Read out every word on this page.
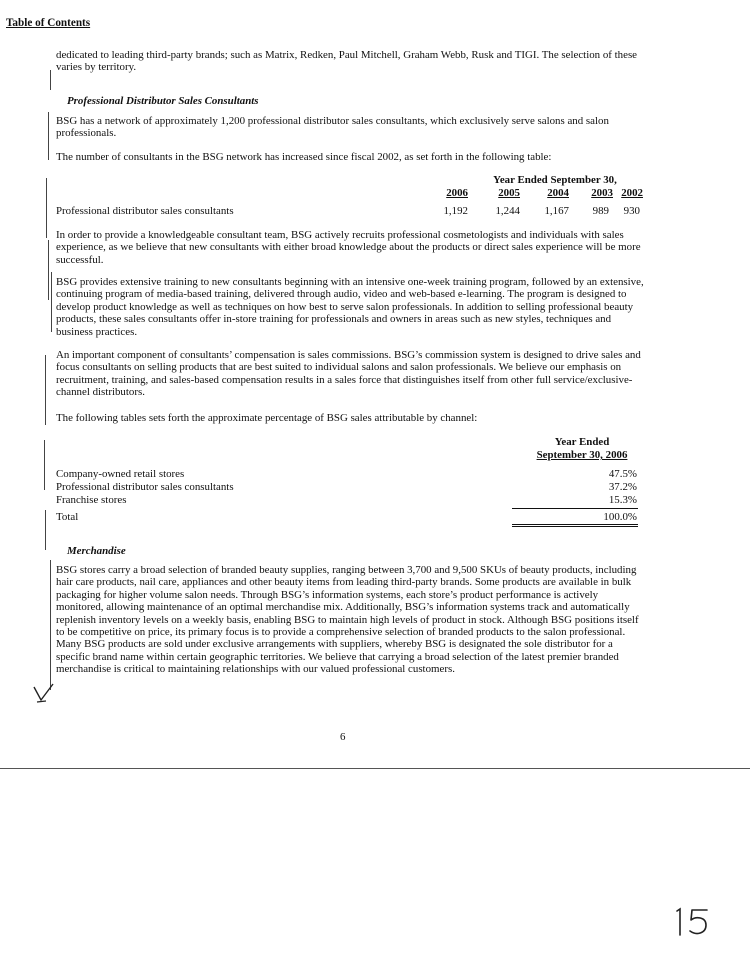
Table of Contents

dedicated to leading third-party brands; such as Matrix, Redken, Paul Mitchell, Graham Webb, Rusk and TIGI. The selection of these varies by territory.

Professional Distributor Sales Consultants

BSG has a network of approximately 1,200 professional distributor sales consultants, which exclusively serve salons and salon professionals.

The number of consultants in the BSG network has increased since fiscal 2002, as set forth in the following table:

Year Ended September 30,
2006	2005	2004	2003 2002
Professional distributor sales consultants	1,192	1,244	1,167	989	930

In order to provide a knowledgeable consultant team, BSG actively recruits professional cosmetologists and individuals with sales experience, as we believe that new consultants with either broad knowledge about the products or direct sales experience will be more successful.

BSG provides extensive training to new consultants beginning with an intensive one-week training program, followed by an extensive, continuing program of media-based training, delivered through audio, video and web-based e-learning. The program is designed to develop product knowledge as well as techniques on how best to serve salon professionals. In addition to selling professional beauty products, these sales consultants offer in-store training for professionals and owners in areas such as new styles, techniques and business practices.

An important component of consultants’ compensation is sales commissions. BSG’s commission system is designed to drive sales and focus consultants on selling products that are best suited to individual salons and salon professionals. We believe our emphasis on recruitment, training, and sales-based compensation results in a sales force that distinguishes itself from other full service/exclusive-channel distributors.

The following tables sets forth the approximate percentage of BSG sales attributable by channel:

Year Ended
September 30, 2006
Company-owned retail stores	47.5%
Professional distributor sales consultants	37.2%
Franchise stores	15.3%
Total	100.0%

Merchandise

BSG stores carry a broad selection of branded beauty supplies, ranging between 3,700 and 9,500 SKUs of beauty products, including hair care products, nail care, appliances and other beauty items from leading third-party brands. Some products are available in bulk packaging for higher volume salon needs. Through BSG’s information systems, each store’s product performance is actively monitored, allowing maintenance of an optimal merchandise mix. Additionally, BSG’s information systems track and automatically replenish inventory levels on a weekly basis, enabling BSG to maintain high levels of product in stock. Although BSG positions itself to be competitive on price, its primary focus is to provide a comprehensive selection of branded products to the salon professional. Many BSG products are sold under exclusive arrangements with suppliers, whereby BSG is designated the sole distributor for a specific brand name within certain geographic territories. We believe that carrying a broad selection of the latest premier branded merchandise is critical to maintaining relationships with our valued professional customers.

6
